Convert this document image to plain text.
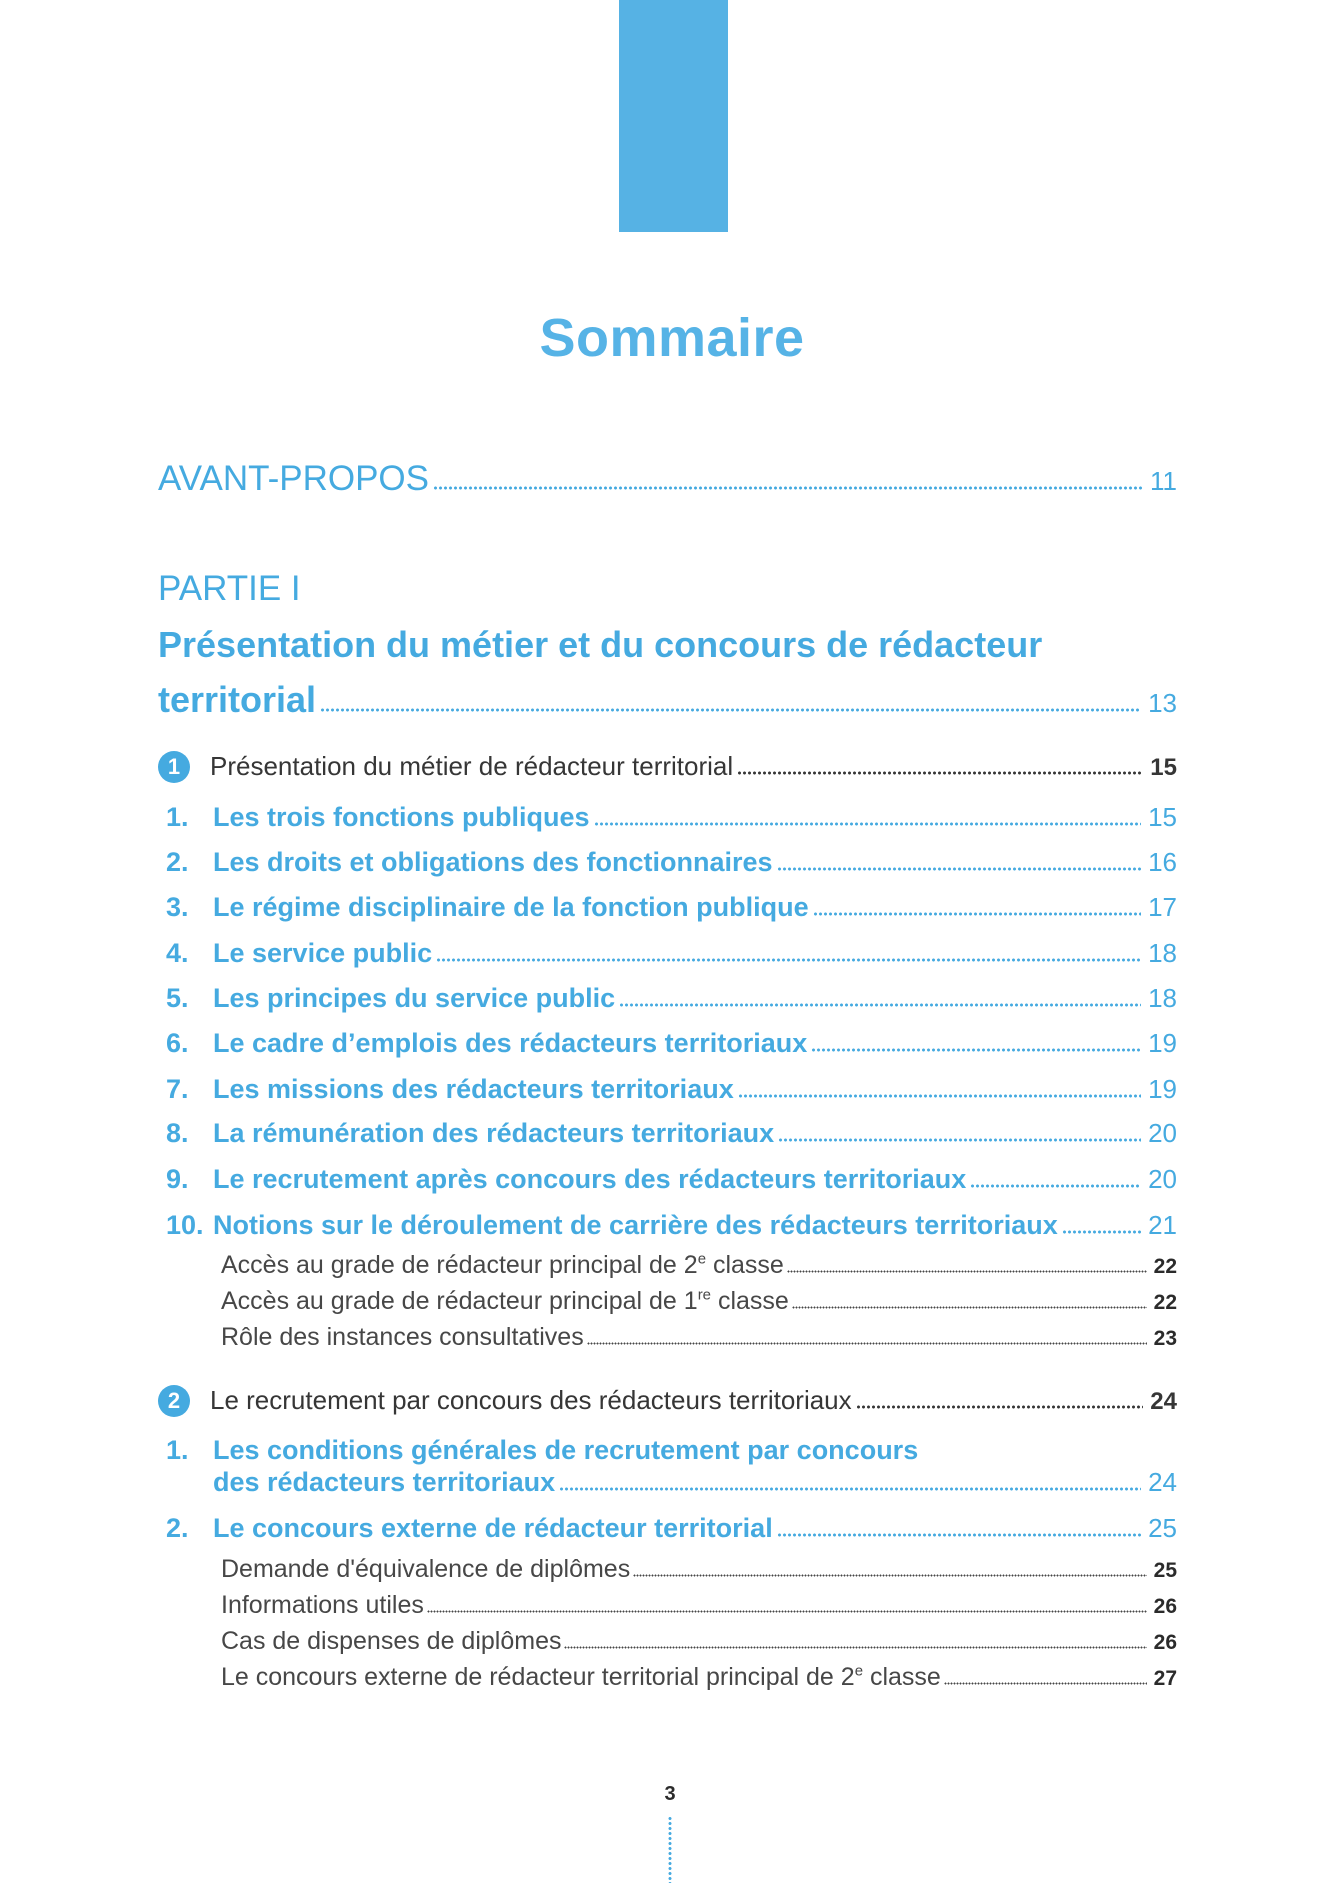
Sommaire
AVANT-PROPOS	11
PARTIE I
Présentation du métier et du concours de rédacteur
territorial	13
1	Présentation du métier de rédacteur territorial	15
1. Les trois fonctions publiques	15
2. Les droits et obligations des fonctionnaires	16
3. Le régime disciplinaire de la fonction publique	17
4. Le service public	18
5. Les principes du service public	18
6. Le cadre d’emplois des rédacteurs territoriaux	19
7. Les missions des rédacteurs territoriaux	19
8. La rémunération des rédacteurs territoriaux	20
9. Le recrutement après concours des rédacteurs territoriaux	20
10. Notions sur le déroulement de carrière des rédacteurs territoriaux	21
Accès au grade de rédacteur principal de 2e classe	22
Accès au grade de rédacteur principal de 1re classe	22
Rôle des instances consultatives	23
2	Le recrutement par concours des rédacteurs territoriaux	24
1. Les conditions générales de recrutement par concours
des rédacteurs territoriaux	24
2. Le concours externe de rédacteur territorial	25
Demande d'équivalence de diplômes	25
Informations utiles	26
Cas de dispenses de diplômes	26
Le concours externe de rédacteur territorial principal de 2e classe	27
3
